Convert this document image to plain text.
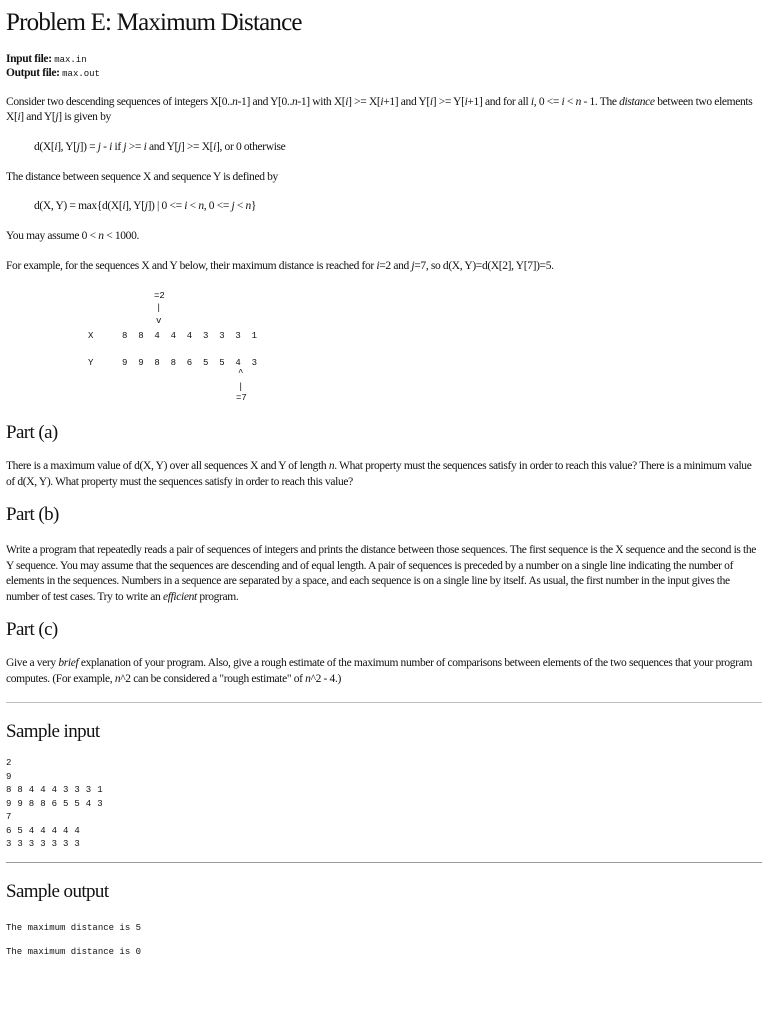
Problem E: Maximum Distance
Input file: max.in
Output file: max.out

Consider two descending sequences of integers X[0..n-1] and Y[0..n-1] with X[i] >= X[i+1] and Y[i] >= Y[i+1] and for all i, 0 <= i < n - 1. The distance between two elements X[i] and Y[j] is given by

d(X[i], Y[j]) = j - i if j >= i and Y[j] >= X[i], or 0 otherwise

The distance between sequence X and sequence Y is defined by

d(X, Y) = max{d(X[i], Y[j]) | 0 <= i < n, 0 <= j < n}

You may assume 0 < n < 1000.

For example, for the sequences X and Y below, their maximum distance is reached for i=2 and j=7, so d(X, Y)=d(X[2], Y[7])=5.

=2
|
v
X	8  8  4  4  4  3  3  3  1
Y	9  9  8  8  6  5  5  4  3
^
|
=7
Part (a)

There is a maximum value of d(X, Y) over all sequences X and Y of length n. What property must the sequences satisfy in order to reach this value? There is a minimum value of d(X, Y). What property must the sequences satisfy in order to reach this value?

Part (b)

Write a program that repeatedly reads a pair of sequences of integers and prints the distance between those sequences. The first sequence is the X sequence and the second is the Y sequence. You may assume that the sequences are descending and of equal length. A pair of sequences is preceded by a number on a single line indicating the number of elements in the sequences. Numbers in a sequence are separated by a space, and each sequence is on a single line by itself. As usual, the first number in the input gives the number of test cases. Try to write an efficient program.

Part (c)

Give a very brief explanation of your program. Also, give a rough estimate of the maximum number of comparisons between elements of the two sequences that your program computes. (For example, n^2 can be considered a "rough estimate" of n^2 - 4.)

Sample input
2
9
8 8 4 4 4 3 3 3 1
9 9 8 8 6 5 5 4 3
7
6 5 4 4 4 4 4
3 3 3 3 3 3 3
Sample output
The maximum distance is 5
The maximum distance is 0
